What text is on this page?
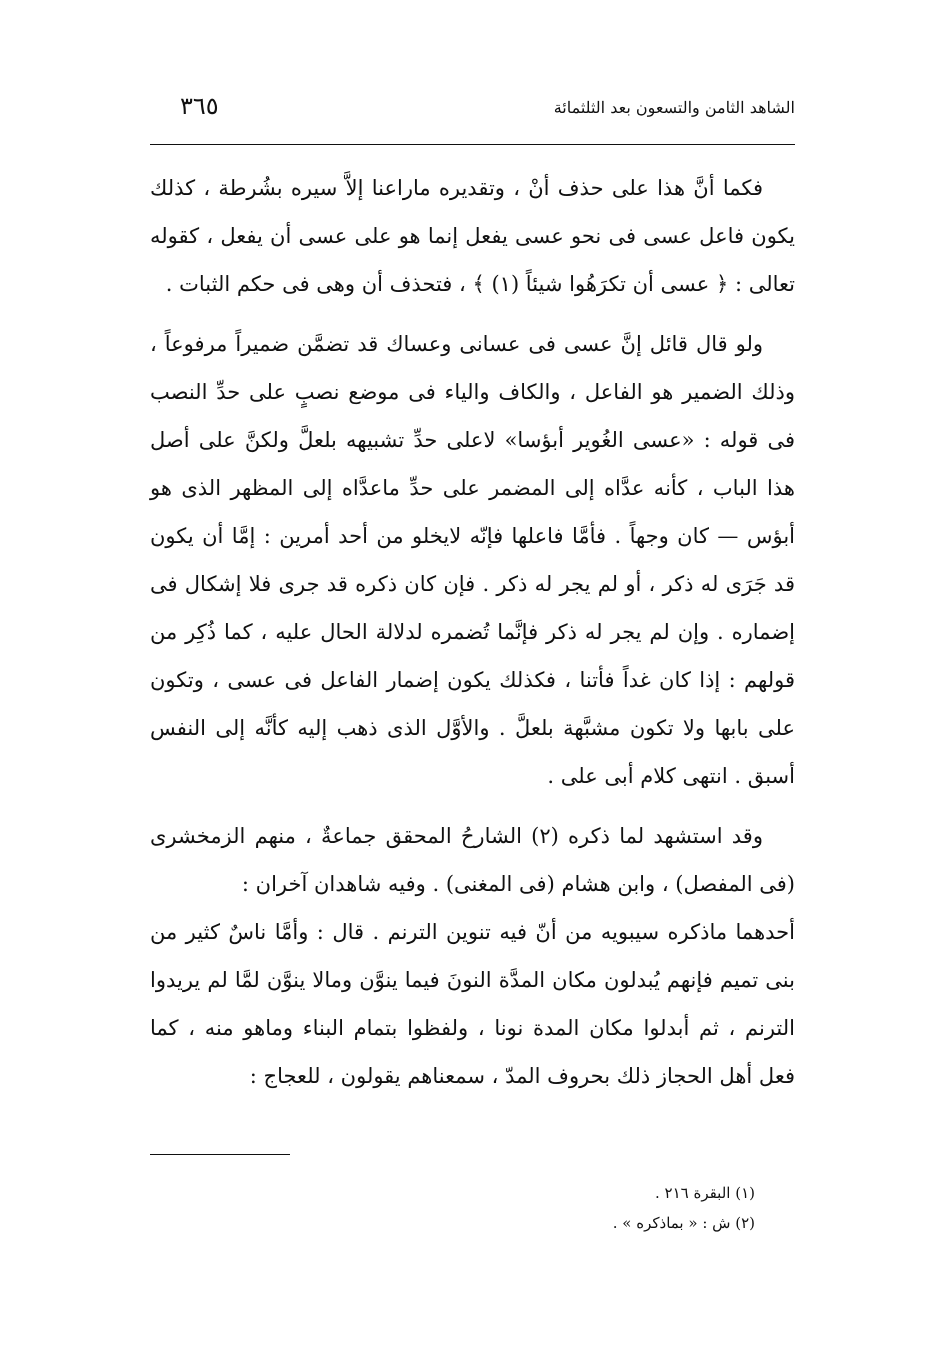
الشاهد الثامن والتسعون بعد الثلثمائة
٣٦٥

فكما أنَّ هذا على حذف أنْ ، وتقديره ماراعنا إلاَّ سيره بشُرطة ، كذلك يكون فاعل عسى فى نحو عسى يفعل إنما هو على عسى أن يفعل ، كقوله تعالى : ﴿ عسى أن تكرَهُوا شيئاً (١) ﴾ ، فتحذف أن وهى فى حكم الثبات .

ولو قال قائل إنَّ عسى فى عسانى وعساك قد تضمَّن ضميراً مرفوعاً ، وذلك الضمير هو الفاعل ، والكاف والياء فى موضع نصبٍ على حدِّ النصب فى قوله : «عسى الغُوير أبؤسا» لاعلى حدِّ تشبيهه بلعلَّ ولكنَّ على أصل هذا الباب ، كأنه عدَّاه إلى المضمر على حدِّ ماعدَّاه إلى المظهر الذى هو أبؤس — كان وجهاً . فأمَّا فاعلها فإنّه لايخلو من أحد أمرين : إمَّا أن يكون قد جَرَى له ذكر ، أو لم يجر له ذكر . فإن كان ذكره قد جرى فلا إشكال فى إضماره . وإن لم يجر له ذكر فإنَّما تُضمره لدلالة الحال عليه ، كما ذُكِر من قولهم : إذا كان غداً فأتنا ، فكذلك يكون إضمار الفاعل فى عسى ، وتكون على بابها ولا تكون مشبَّهة بلعلَّ . والأوَّل الذى ذهب إليه كأنَّه إلى النفس أسبق . انتهى كلام أبى على .

وقد استشهد لما ذكره (٢) الشارحُ المحقق جماعةٌ ، منهم الزمخشرى (فى المفصل) ، وابن هشام (فى المغنى) . وفيه شاهدان آخران :

أحدهما ماذكره سيبويه من أنّ فيه تنوين الترنم . قال : وأمَّا ناسٌ كثير من بنى تميم فإنهم يُبدلون مكان المدَّة النونَ فيما ينوَّن ومالا ينوَّن لمَّا لم يريدوا الترنم ، ثم أبدلوا مكان المدة نونا ، ولفظوا بتمام البناء وماهو منه ، كما فعل أهل الحجاز ذلك بحروف المدّ ، سمعناهم يقولون ، للعجاج :

(١) البقرة ٢١٦ .
(٢) ش : « بماذكره » .
